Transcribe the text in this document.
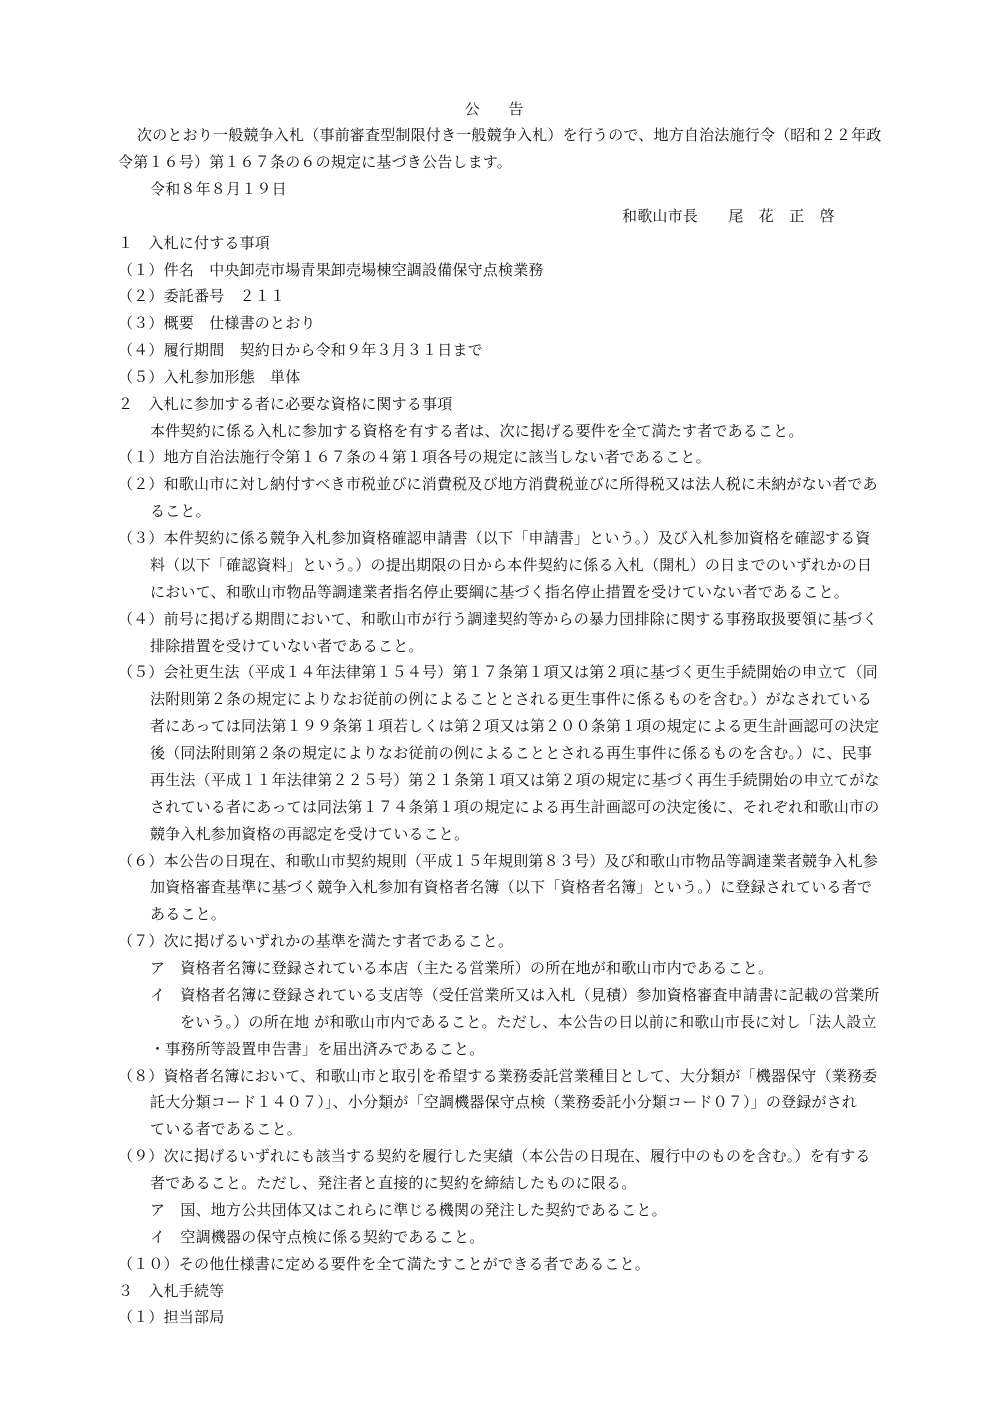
公 告
次のとおり一般競争入札（事前審査型制限付き一般競争入札）を行うので、地方自治法施行令（昭和２２年政
令第１６号）第１６７条の６の規定に基づき公告します。
令和８年８月１９日
和歌山市長　　尾　花　正　啓
１　入札に付する事項
（１）件名　中央卸売市場青果卸売場棟空調設備保守点検業務
（２）委託番号　２１１
（３）概要　仕様書のとおり
（４）履行期間　契約日から令和９年３月３１日まで
（５）入札参加形態　単体
２　入札に参加する者に必要な資格に関する事項
本件契約に係る入札に参加する資格を有する者は、次に掲げる要件を全て満たす者であること。
（１）地方自治法施行令第１６７条の４第１項各号の規定に該当しない者であること。
（２）和歌山市に対し納付すべき市税並びに消費税及び地方消費税並びに所得税又は法人税に未納がない者であ
ること。
（３）本件契約に係る競争入札参加資格確認申請書（以下「申請書」という。）及び入札参加資格を確認する資
料（以下「確認資料」という。）の提出期限の日から本件契約に係る入札（開札）の日までのいずれかの日
において、和歌山市物品等調達業者指名停止要綱に基づく指名停止措置を受けていない者であること。
（４）前号に掲げる期間において、和歌山市が行う調達契約等からの暴力団排除に関する事務取扱要領に基づく
排除措置を受けていない者であること。
（５）会社更生法（平成１４年法律第１５４号）第１７条第１項又は第２項に基づく更生手続開始の申立て（同
法附則第２条の規定によりなお従前の例によることとされる更生事件に係るものを含む。）がなされている
者にあっては同法第１９９条第１項若しくは第２項又は第２００条第１項の規定による更生計画認可の決定
後（同法附則第２条の規定によりなお従前の例によることとされる再生事件に係るものを含む。）に、民事
再生法（平成１１年法律第２２５号）第２１条第１項又は第２項の規定に基づく再生手続開始の申立てがな
されている者にあっては同法第１７４条第１項の規定による再生計画認可の決定後に、それぞれ和歌山市の
競争入札参加資格の再認定を受けていること。
（６）本公告の日現在、和歌山市契約規則（平成１５年規則第８３号）及び和歌山市物品等調達業者競争入札参
加資格審査基準に基づく競争入札参加有資格者名簿（以下「資格者名簿」という。）に登録されている者で
あること。
（７）次に掲げるいずれかの基準を満たす者であること。
ア　資格者名簿に登録されている本店（主たる営業所）の所在地が和歌山市内であること。
イ　資格者名簿に登録されている支店等（受任営業所又は入札（見積）参加資格審査申請書に記載の営業所
をいう。）の所在地 が和歌山市内であること。ただし、本公告の日以前に和歌山市長に対し「法人設立
・事務所等設置申告書」を届出済みであること。
（８）資格者名簿において、和歌山市と取引を希望する業務委託営業種目として、大分類が「機器保守（業務委
託大分類コード１４０７）」、小分類が「空調機器保守点検（業務委託小分類コード０７）」の登録がされ
ている者であること。
（９）次に掲げるいずれにも該当する契約を履行した実績（本公告の日現在、履行中のものを含む。）を有する
者であること。ただし、発注者と直接的に契約を締結したものに限る。
ア　国、地方公共団体又はこれらに準じる機関の発注した契約であること。
イ　空調機器の保守点検に係る契約であること。
（１０）その他仕様書に定める要件を全て満たすことができる者であること。
３　入札手続等
（１）担当部局
